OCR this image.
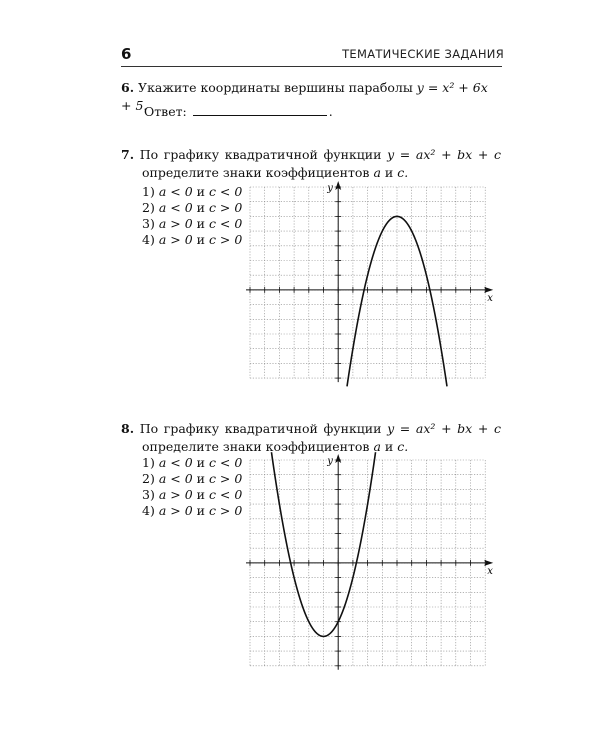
6	ТЕМАТИЧЕСКИЕ ЗАДАНИЯ
6. Укажите координаты вершины параболы y = x² + 6x + 5.
Ответ:	.
7. По графику квадратичной функции y = ax² + bx + c
определите знаки коэффициентов a и c.
1) a < 0 и c < 0
2) a < 0 и c > 0
3) a > 0 и c < 0
4) a > 0 и c > 0
x
y
8. По графику квадратичной функции y = ax² + bx + c
определите знаки коэффициентов a и c.
1) a < 0 и c < 0
2) a < 0 и c > 0
3) a > 0 и c < 0
4) a > 0 и c > 0
x
y
